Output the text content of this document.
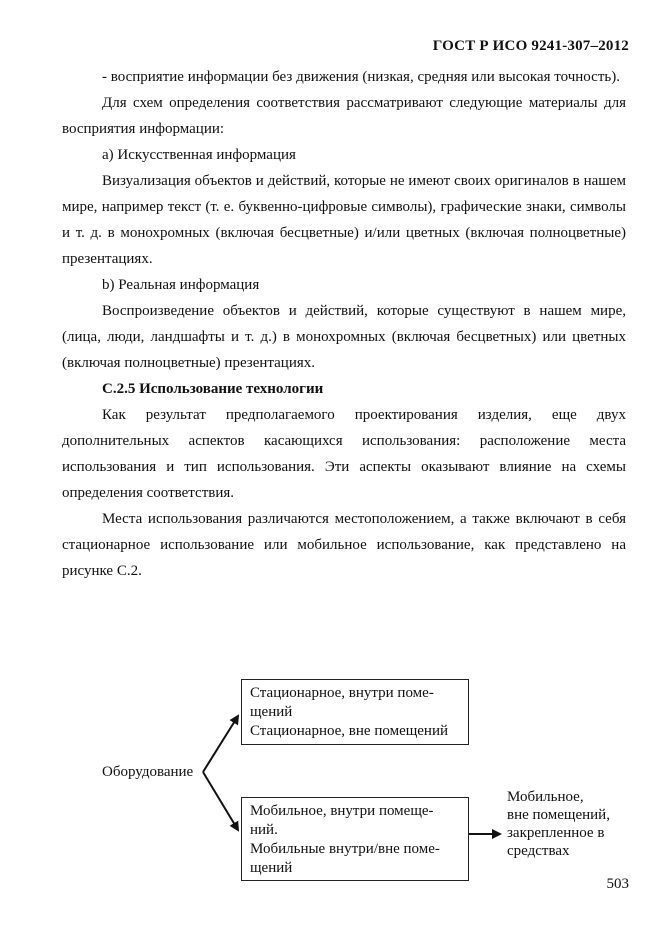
ГОСТ Р ИСО 9241-307–2012

- восприятие информации без движения (низкая, средняя или высокая точность).

Для схем определения соответствия рассматривают следующие материалы для восприятия информации:

a) Искусственная информация

Визуализация объектов и действий, которые не имеют своих оригиналов в нашем мире, например текст (т. е. буквенно-цифровые символы), графические знаки, символы и т. д. в монохромных (включая бесцветные) и/или цветных (включая полноцветные) презентациях.

b) Реальная информация

Воспроизведение объектов и действий, которые существуют в нашем мире, (лица, люди, ландшафты и т. д.) в монохромных (включая бесцветных) или цветных (включая полноцветные) презентациях.

С.2.5 Использование технологии

Как результат предполагаемого проектирования изделия, еще двух дополнительных аспектов касающихся использования: расположение места использования и тип использования. Эти аспекты оказывают влияние на схемы определения соответствия.

Места использования различаются местоположением, а также включают в себя стационарное использование или мобильное использование, как представлено на рисунке С.2.

Оборудование
Стационарное, внутри поме-
щений
Стационарное, вне помещений
Мобильное, внутри помеще-
ний.
Мобильные внутри/вне поме-
щений
Мобильное,
вне помещений,
закрепленное в
средствах
503
